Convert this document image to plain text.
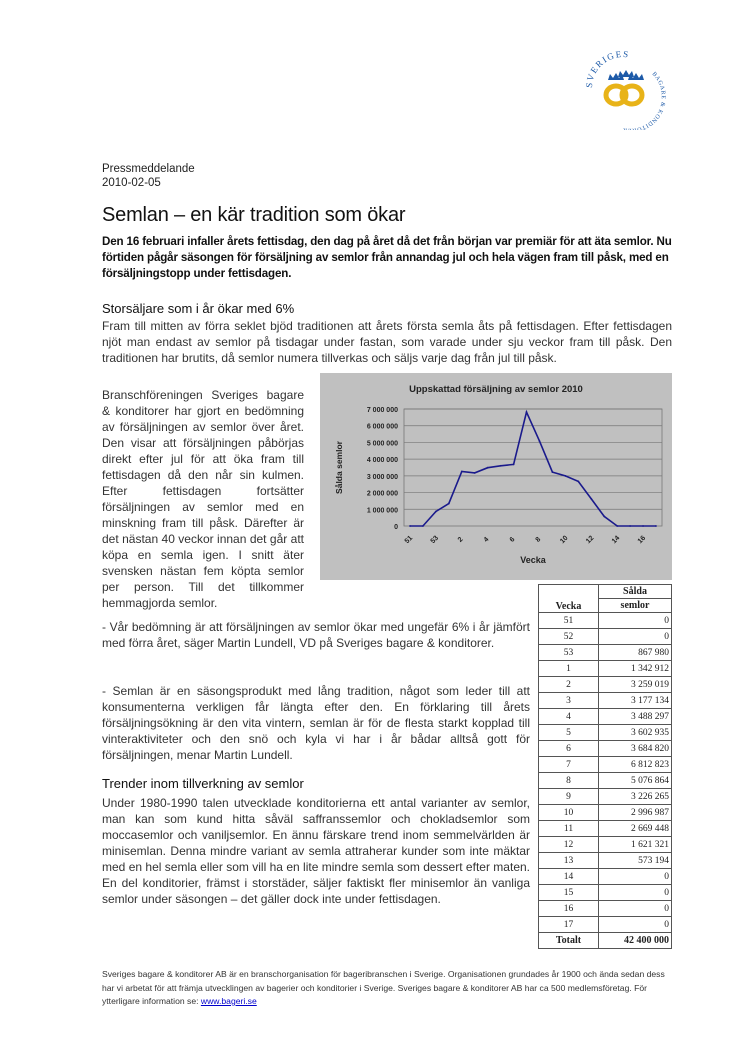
SVERIGES
BAGARE & KONDITORER
Pressmeddelande
2010-02-05
Semlan – en kär tradition som ökar
Den 16 februari infaller årets fettisdag, den dag på året då det från början var premiär för att äta semlor. Nu förtiden pågår säsongen för försäljning av semlor från annandag jul och hela vägen fram till påsk, med en försäljningstopp under fettisdagen.
Storsäljare som i år ökar med 6%
Fram till mitten av förra seklet bjöd traditionen att årets första semla åts på fettisdagen. Efter fettisdagen njöt man endast av semlor på tisdagar under fastan, som varade under sju veckor fram till påsk. Den traditionen har brutits, då semlor numera tillverkas och säljs varje dag från jul till påsk.
Branschföreningen Sveriges bagare & konditorer har gjort en bedömning av försäljningen av semlor över året. Den visar att försäljningen påbörjas direkt efter jul för att öka fram till fettisdagen då den når sin kulmen. Efter fettisdagen fortsätter försäljningen av semlor med en minskning fram till påsk. Därefter är det nästan 40 veckor innan det går att köpa en semla igen. I snitt äter svensken nästan fem köpta semlor per person. Till det tillkommer hemmagjorda semlor.
Uppskattad försäljning av semlor 2010
0
1 000 000
2 000 000
3 000 000
4 000 000
5 000 000
6 000 000
7 000 000
Sålda semlor
51 53 2	4	6	8 10 12 14 16
Vecka
Vecka	Sålda
	semlor
51	0
52	0
53	867 980
1	1 342 912
2	3 259 019
3	3 177 134
4	3 488 297
5	3 602 935
6	3 684 820
7	6 812 823
8	5 076 864
9	3 226 265
10	2 996 987
11	2 669 448
12	1 621 321
13	573 194
14	0
15	0
16	0
17	0
Totalt	42 400 000
- Vår bedömning är att försäljningen av semlor ökar med ungefär 6% i år jämfört med förra året, säger Martin Lundell, VD på Sveriges bagare & konditorer.
- Semlan är en säsongsprodukt med lång tradition, något som leder till att konsumenterna verkligen får längta efter den. En förklaring till årets försäljningsökning är den vita vintern, semlan är för de flesta starkt kopplad till vinteraktiviteter och den snö och kyla vi har i år bådar alltså gott för försäljningen, menar Martin Lundell.
Trender inom tillverkning av semlor
Under 1980-1990 talen utvecklade konditorierna ett antal varianter av semlor, man kan som kund hitta såväl saffranssemlor och chokladsemlor som moccasemlor och vaniljsemlor. En ännu färskare trend inom semmelvärlden är minisemlan. Denna mindre variant av semla attraherar kunder som inte mäktar med en hel semla eller som vill ha en lite mindre semla som dessert efter maten. En del konditorier, främst i storstäder, säljer faktiskt fler minisemlor än vanliga semlor under säsongen – det gäller dock inte under fettisdagen.
Sveriges bagare & konditorer AB är en branschorganisation för bageribranschen i Sverige. Organisationen grundades år 1900 och ända sedan dess har vi arbetat för att främja utvecklingen av bagerier och konditorier i Sverige. Sveriges bagare & konditorer AB har ca 500 medlemsföretag. För ytterligare information se: www.bageri.se
